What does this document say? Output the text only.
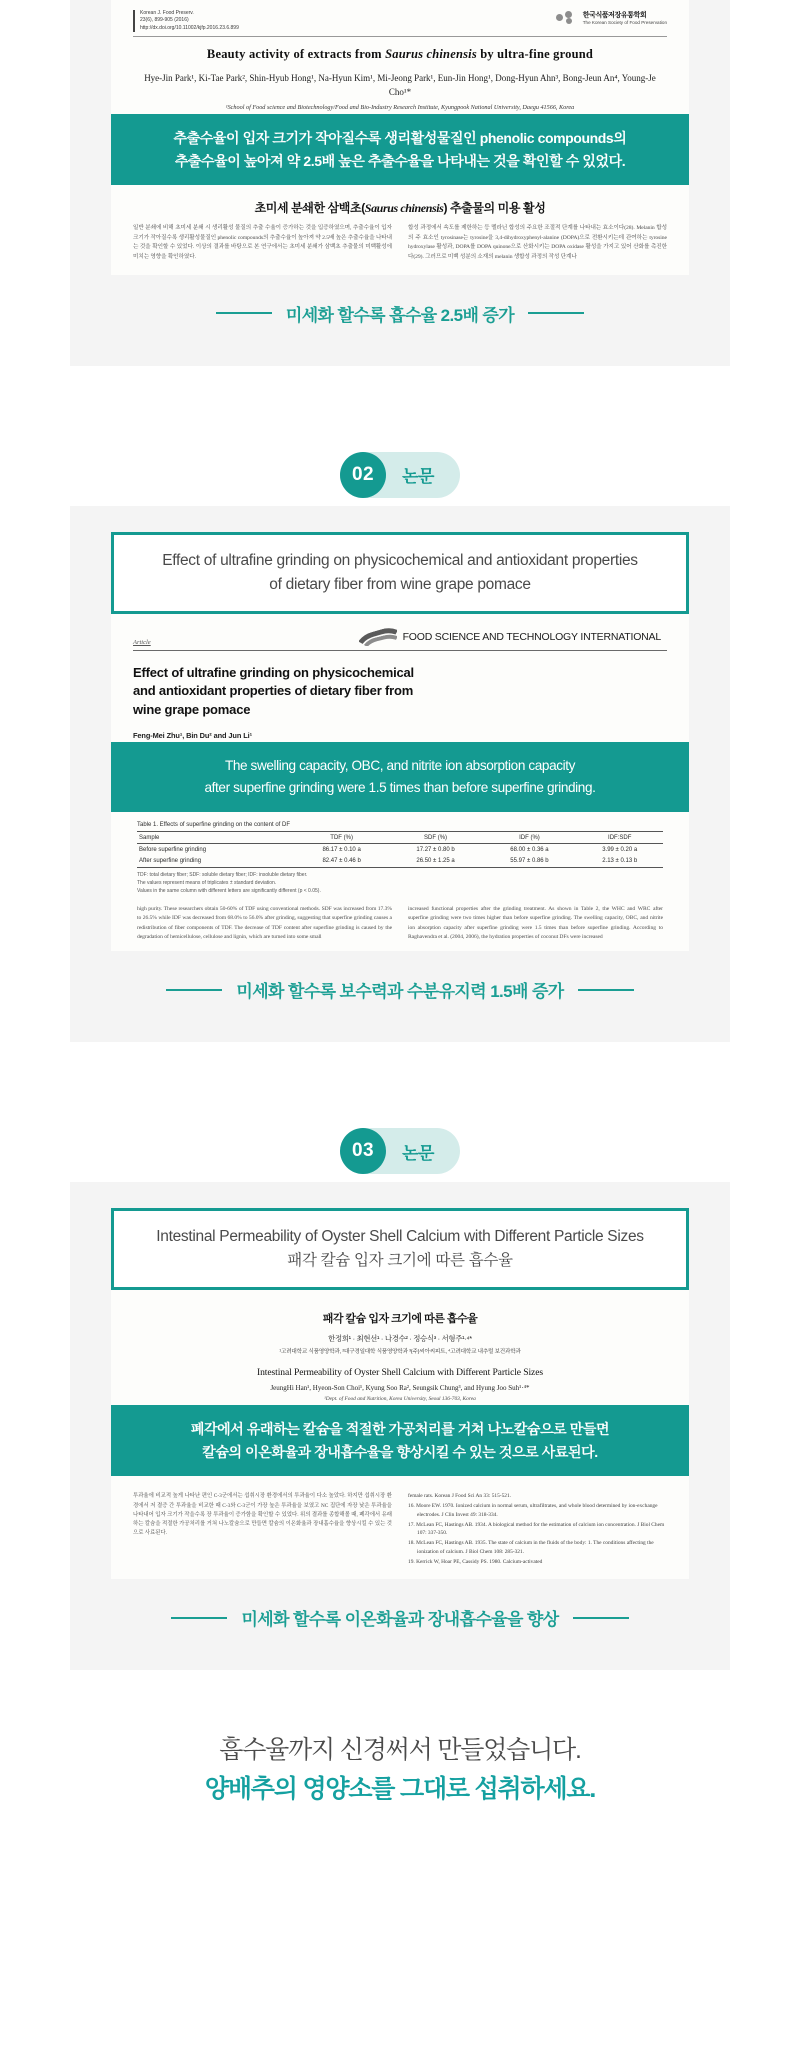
Korean J. Food Preserv.
23(6), 899-905 (2016)
http://dx.doi.org/10.11002/kjfp.2016.23.6.899
한국식품저장유통학회
The Korean Society of Food Preservation
Beauty activity of extracts from Saurus chinensis by ultra-fine ground
Hye-Jin Park¹, Ki-Tae Park², Shin-Hyub Hong¹, Na-Hyun Kim¹, Mi-Jeong Park¹, Eun-Jin Hong¹, Dong-Hyun Ahn³, Bong-Jeun An⁴, Young-Je Cho¹*
¹School of Food science and Biotechnology/Food and Bio-Industry Research Institute, Kyungpook National University, Daegu 41566, Korea
추출수율이 입자 크기가 작아질수록 생리활성물질인 phenolic compounds의
추출수율이 높아져 약 2.5배 높은 추출수율을 나타내는 것을 확인할 수 있었다.
초미세 분쇄한 삼백초(Saurus chinensis) 추출물의 미용 활성

일반 분쇄에 비해 초미세 분쇄 시 생리활성 물질의 추출 수율이 증가하는 것을 입증하였으며, 추출수율이 입자 크기가 작아질수록 생리활성물질인 phenolic compounds의 추출수율이 높아져 약 2.5배 높은 추출수율을 나타내는 것을 확인할 수 있었다. 이상의 결과를 바탕으로 본 연구에서는 초미세 분쇄가 삼백초 추출물의 미백활성에 미치는 영향을 확인하였다.

합성 과정에서 속도를 제한하는 등 멜라닌 합성의 주요한 조절적 단계를 나타내는 효소이다(28). Melanin 합성의 주 효소인 tyrosinase는 tyrosine을 3,4-dihydroxyphenyl-alanine (DOPA)으로 전환시키는데 관여하는 tyrosine hydroxylase 활성과, DOPA를 DOPA quinone으로 산화시키는 DOPA oxidase 활성을 가지고 있어 산화를 촉진한다(29). 그러므로 미백 성분의 소재의 melanin 생합성 과정의 작성 단계나

미세화 할수록 흡수율 2.5배 증가
02	논문
Effect of ultrafine grinding on physicochemical and antioxidant properties
of dietary fiber from wine grape pomace
Article	FOOD SCIENCE AND TECHNOLOGY INTERNATIONAL
Effect of ultrafine grinding on physicochemical
and antioxidant properties of dietary fiber from
wine grape pomace
Feng-Mei Zhu¹, Bin Du² and Jun Li¹
The swelling capacity, OBC, and nitrite ion absorption capacity
after superfine grinding were 1.5 times than before superfine grinding.
Table 1. Effects of superfine grinding on the content of DF
Sample	TDF (%)	SDF (%)	IDF (%)	IDF:SDF
Before superfine grinding	86.17 ± 0.10 a	17.27 ± 0.80 b	68.00 ± 0.36 a	3.99 ± 0.20 a
After superfine grinding	82.47 ± 0.46 b	26.50 ± 1.25 a	55.97 ± 0.86 b	2.13 ± 0.13 b
TDF: total dietary fiber; SDF: soluble dietary fiber; IDF: insoluble dietary fiber.
The values represent means of triplicates ± standard deviation.
Values in the same column with different letters are significantly different (p < 0.05).

high purity. These researchers obtain 50-60% of TDF using conventional methods. SDF was increased from 17.3% to 26.5% while IDF was decreased from 68.0% to 56.0% after grinding, suggesting that superfine grinding causes a redistribution of fiber components of TDF. The decrease of TDF content after superfine grinding is caused by the degradation of hemicellulose, cellulose and lignin, which are turned into some small

increased functional properties after the grinding treatment. As shown in Table 2, the WHC and WRC after superfine grinding were two times higher than before superfine grinding. The swelling capacity, OBC, and nitrite ion absorption capacity after superfine grinding were 1.5 times than before superfine grinding. According to Raghavendra et al. (2004, 2006), the hydration properties of coconut DFs were increased

미세화 할수록 보수력과 수분유지력 1.5배 증가
03	논문
Intestinal Permeability of Oyster Shell Calcium with Different Particle Sizes
패각 칼슘 입자 크기에 따른 흡수율
패각 칼슘 입자 크기에 따른 흡수율
한정희¹ · 최현선¹ · 나경수² · 정승식³ · 서형주¹·⁴*
¹고려대학교 식품영양학과, ²대구경일대학 식품영양학과 ³(주)씨아씨피트, ⁴고려대학교 내추럴 보건과학과
Intestinal Permeability of Oyster Shell Calcium with Different Particle Sizes
JeungHi Han¹, Hyeon-Son Choi¹, Kyung Soo Ra², Seungsik Chung³, and Hyung Joo Suh¹·⁴*
¹Dept. of Food and Nutrition, Korea University, Seoul 136-703, Korea
폐각에서 유래하는 칼슘을 적절한 가공처리를 거쳐 나노칼슘으로 만들면
칼슘의 이온화율과 장내흡수율을 향상시킬 수 있는 것으로 사료된다.

투과율에 비교적 높게 나타난 편인 C-3군에서는 섭취시장 환경에서의 투과율이 다소 높았다. 하지만 섭취시장 환경에서 저 결증 간 투과율을 비교한 때 C-3와 C-3군이 가장 높은 투과율을 보였고 NC 집단에 자장 낮은 투과율을 나타내어 입자 크기가 작을수록 장 투과율이 증가함을 확인할 수 있었다. 위의 결과를 종합해볼 때, 폐각에서 유래하는 칼슘을 적절한 가공처리를 거쳐 나노칼슘으로 만들면 칼슘의 이온화율과 장내흡수율을 향상시킬 수 있는 것으로 사료된다.

female rats. Korean J Food Sci An 33: 515-521.
16. Moore EW. 1970. Ionized calcium in normal serum, ultrafiltrates, and whole blood determined by ion-exchange electrodes. J Clin Invest 49: 318-334.
17. McLean FC, Hastings AB. 1934. A biological method for the estimation of calcium ion concentration. J Biol Chem 107: 337-350.
18. McLean FC, Hastings AB. 1935. The state of calcium in the fluids of the body: 1. The conditions affecting the ionization of calcium. J Biol Chem 108: 285-321.
19. Kerrick W, Hoar PE, Cassidy PS. 1980. Calcium-activated
미세화 할수록 이온화율과 장내흡수율을 향상
흡수율까지 신경써서 만들었습니다.
양배추의 영양소를 그대로 섭취하세요.
